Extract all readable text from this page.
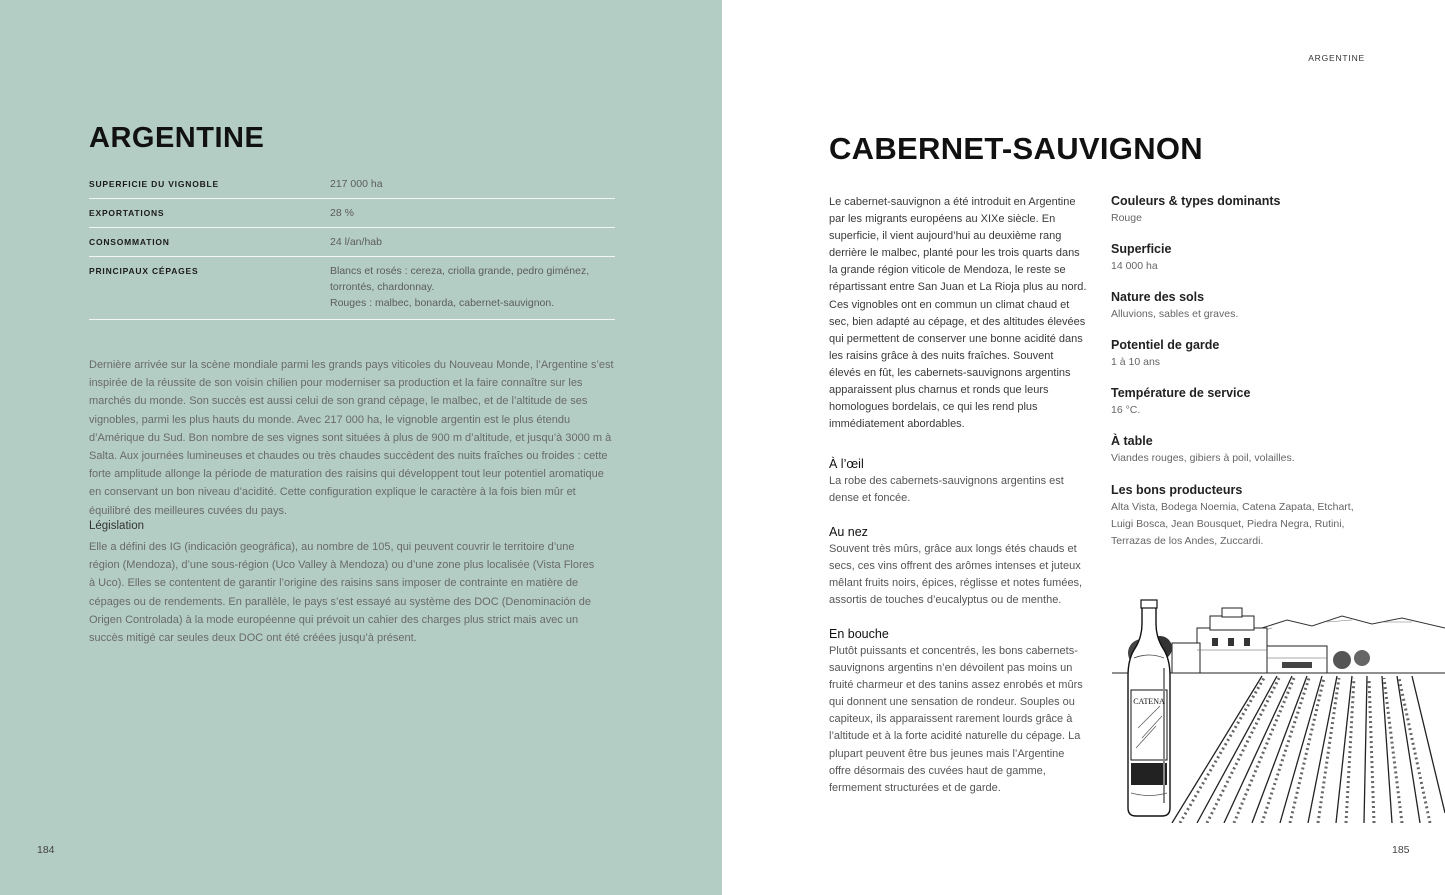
ARGENTINE
SUPERFICIE DU VIGNOBLE	217 000 ha
EXPORTATIONS	28 %
CONSOMMATION	24 l/an/hab
PRINCIPAUX CÉPAGES	Blancs et rosés : cereza, criolla grande, pedro giménez,
torrontés, chardonnay.
Rouges : malbec, bonarda, cabernet-sauvignon.

Dernière arrivée sur la scène mondiale parmi les grands pays viticoles du Nouveau Monde, l’Argentine s’est inspirée de la réussite de son voisin chilien pour moderniser sa production et la faire connaître sur les marchés du monde. Son succès est aussi celui de son grand cépage, le malbec, et de l’altitude de ses vignobles, parmi les plus hauts du monde. Avec 217 000 ha, le vignoble argentin est le plus étendu d’Amérique du Sud. Bon nombre de ses vignes sont situées à plus de 900 m d’altitude, et jusqu’à 3000 m à Salta. Aux journées lumineuses et chaudes ou très chaudes succèdent des nuits fraîches ou froides : cette forte amplitude allonge la période de maturation des raisins qui développent tout leur potentiel aromatique en conservant un bon niveau d’acidité. Cette configuration explique le caractère à la fois bien mûr et équilibré des meilleures cuvées du pays.

Législation

Elle a défini des IG (indicación geográfica), au nombre de 105, qui peuvent couvrir le territoire d’une région (Mendoza), d’une sous-région (Uco Valley à Mendoza) ou d’une zone plus localisée (Vista Flores à Uco). Elles se contentent de garantir l’origine des raisins sans imposer de contrainte en matière de cépages ou de rendements. En parallèle, le pays s’est essayé au système des DOC (Denominación de Origen Controlada) à la mode européenne qui prévoit un cahier des charges plus strict mais avec un succès mitigé car seules deux DOC ont été créées jusqu’à présent.

184
ARGENTINE
CABERNET-SAUVIGNON

Le cabernet-sauvignon a été introduit en Argentine par les migrants européens au XIXe siècle. En superficie, il vient aujourd’hui au deuxième rang derrière le malbec, planté pour les trois quarts dans la grande région viticole de Mendoza, le reste se répartissant entre San Juan et La Rioja plus au nord. Ces vignobles ont en commun un climat chaud et sec, bien adapté au cépage, et des altitudes élevées qui permettent de conserver une bonne acidité dans les raisins grâce à des nuits fraîches. Souvent élevés en fût, les cabernets-sauvignons argentins apparaissent plus charnus et ronds que leurs homologues bordelais, ce qui les rend plus immédiatement abordables.

À l’œil
La robe des cabernets-sauvignons argentins est dense et foncée.
Au nez
Souvent très mûrs, grâce aux longs étés chauds et secs, ces vins offrent des arômes intenses et juteux mêlant fruits noirs, épices, réglisse et notes fumées, assortis de touches d’eucalyptus ou de menthe.
En bouche
Plutôt puissants et concentrés, les bons cabernets-sauvignons argentins n’en dévoilent pas moins un fruité charmeur et des tanins assez enrobés et mûrs qui donnent une sensation de rondeur. Souples ou capiteux, ils apparaissent rarement lourds grâce à l’altitude et à la forte acidité naturelle du cépage. La plupart peuvent être bus jeunes mais l’Argentine offre désormais des cuvées haut de gamme, fermement structurées et de garde.
Couleurs & types dominants
Rouge
Superficie
14 000 ha
Nature des sols
Alluvions, sables et graves.
Potentiel de garde
1 à 10 ans
Température de service
16 °C.
À table
Viandes rouges, gibiers à poil, volailles.
Les bons producteurs
Alta Vista, Bodega Noemia, Catena Zapata, Etchart, Luigi Bosca, Jean Bousquet, Piedra Negra, Rutini, Terrazas de los Andes, Zuccardi.
CATENA
185
